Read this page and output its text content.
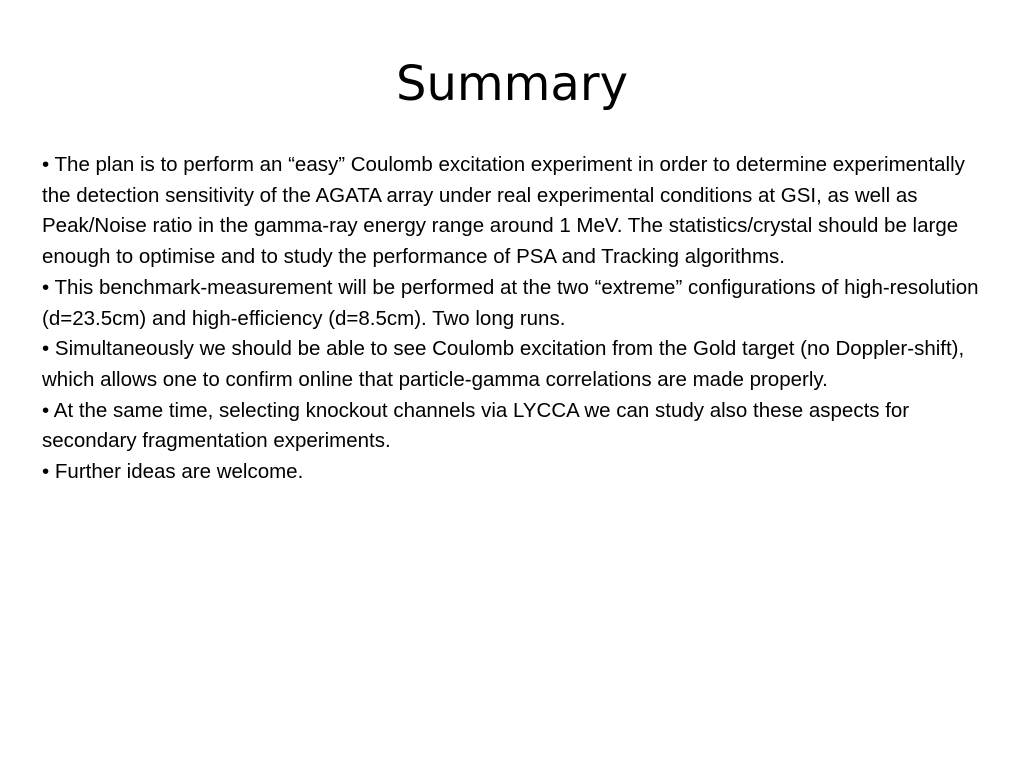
Summary
• The plan is to perform an “easy” Coulomb excitation experiment in order to determine experimentally the detection sensitivity of the AGATA array under real experimental conditions at GSI, as well as Peak/Noise ratio in the gamma-ray energy range around 1 MeV. The statistics/crystal should be large enough to optimise and to study the performance of PSA and Tracking algorithms.
• This benchmark-measurement will be performed at the two “extreme” configurations of high-resolution (d=23.5cm) and high-efficiency (d=8.5cm). Two long runs.
• Simultaneously we should be able to see Coulomb excitation from the Gold target (no Doppler-shift), which allows one to confirm online that particle-gamma correlations are made properly.
• At the same time, selecting knockout channels via LYCCA we can study also these aspects for secondary fragmentation experiments.
• Further ideas are welcome.
